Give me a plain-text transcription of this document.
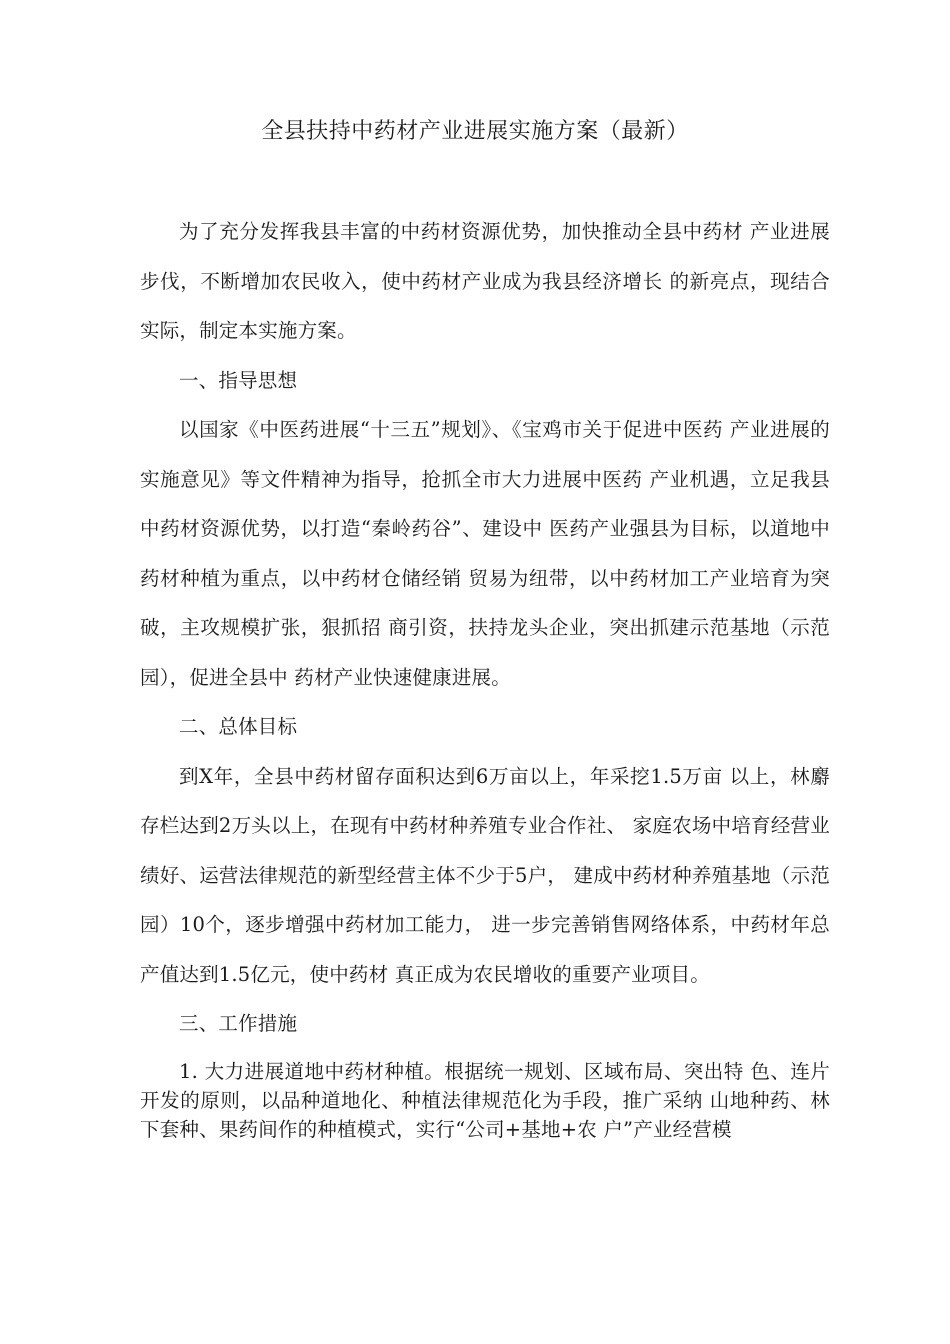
全县扶持中药材产业进展实施方案（最新）

为了充分发挥我县丰富的中药材资源优势，加快推动全县中药材 产业进展步伐，不断增加农民收入，使中药材产业成为我县经济增长 的新亮点，现结合实际，制定本实施方案。

一、指导思想

以国家《中医药进展“十三五”规划》、《宝鸡市关于促进中医药 产业进展的实施意见》等文件精神为指导，抢抓全市大力进展中医药 产业机遇，立足我县中药材资源优势，以打造“秦岭药谷”、建设中 医药产业强县为目标，以道地中药材种植为重点，以中药材仓储经销 贸易为纽带，以中药材加工产业培育为突破，主攻规模扩张，狠抓招 商引资，扶持龙头企业，突出抓建示范基地（示范园），促进全县中 药材产业快速健康进展。

二、总体目标

到X年，全县中药材留存面积达到6万亩以上，年采挖1.5万亩 以上，林麝存栏达到2万头以上，在现有中药材种养殖专业合作社、 家庭农场中培育经营业绩好、运营法律规范的新型经营主体不少于5户， 建成中药材种养殖基地（示范园）10个，逐步增强中药材加工能力， 进一步完善销售网络体系，中药材年总产值达到1.5亿元，使中药材 真正成为农民增收的重要产业项目。

三、工作措施

1. 大力进展道地中药材种植。根据统一规划、区域布局、突出特 色、连片开发的原则，以品种道地化、种植法律规范化为手段，推广采纳 山地种药、林下套种、果药间作的种植模式，实行“公司+基地+农 户”产业经营模
